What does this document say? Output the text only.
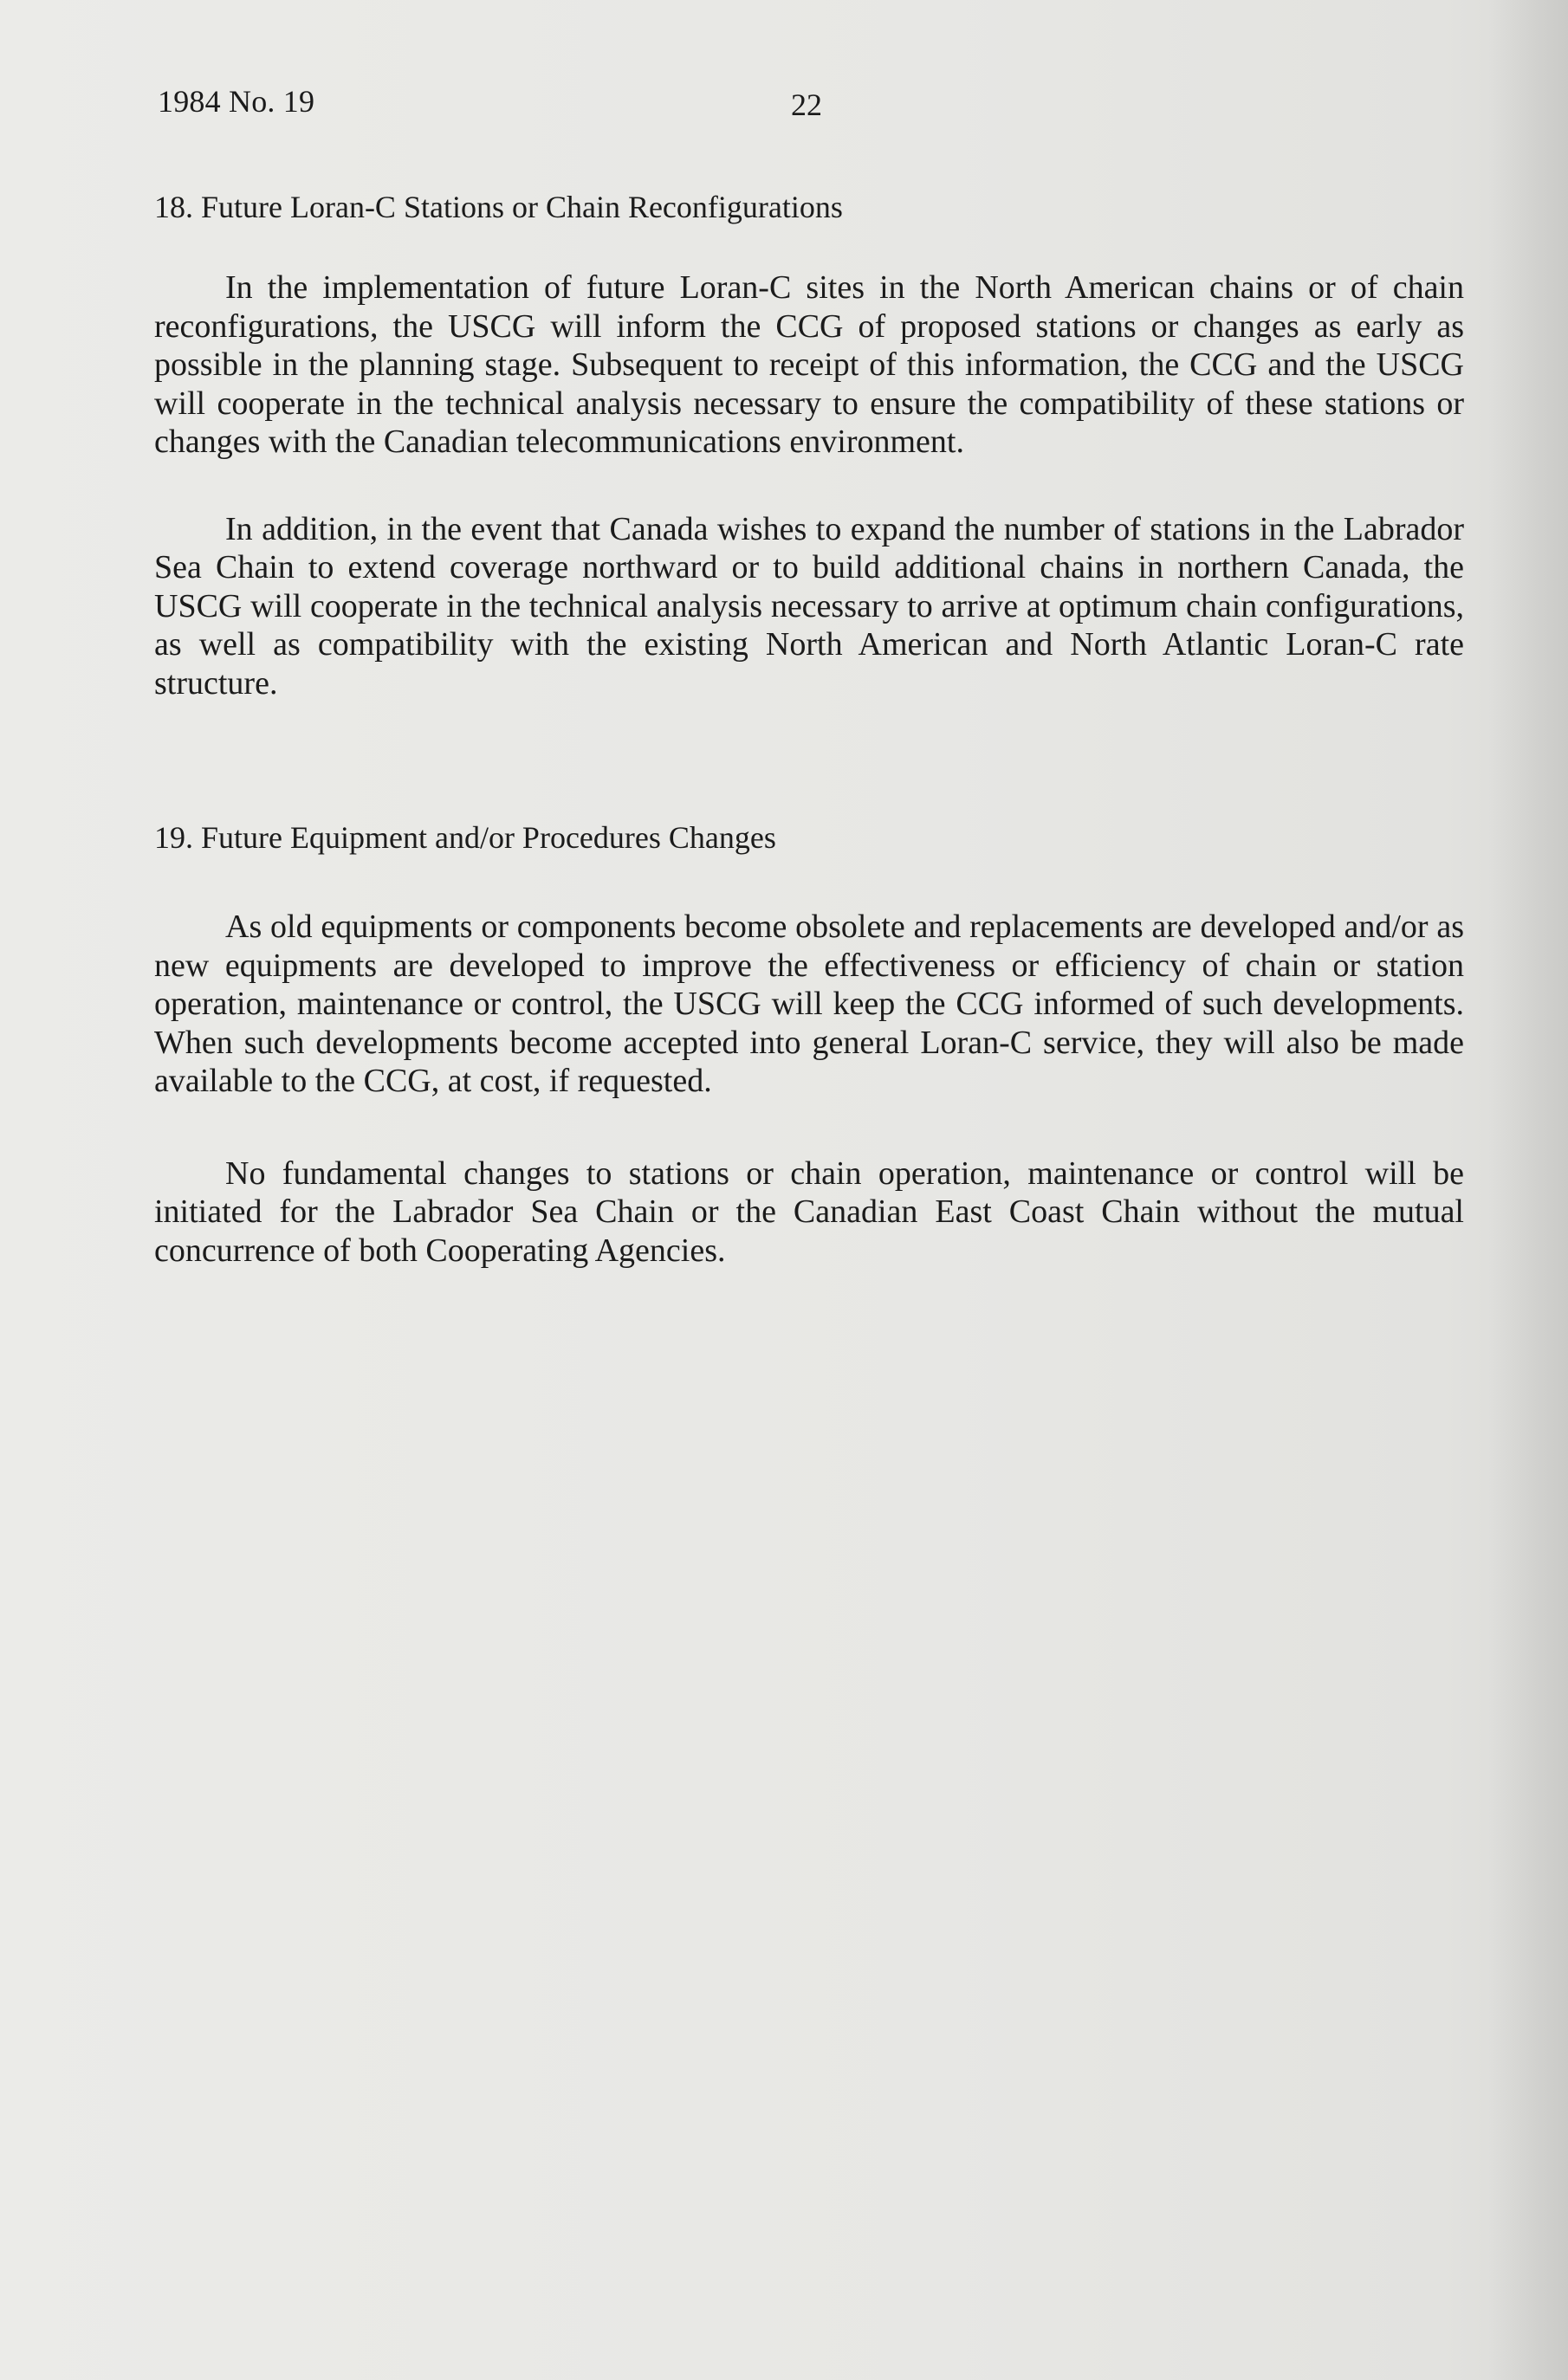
1984 No. 19	22
18. Future Loran-C Stations or Chain Reconfigurations

In the implementation of future Loran-C sites in the North American chains or of chain reconfigurations, the USCG will inform the CCG of proposed stations or changes as early as possible in the planning stage. Subsequent to receipt of this information, the CCG and the USCG will cooperate in the technical analysis necessary to ensure the compatibility of these stations or changes with the Canadian telecommunications environment.

In addition, in the event that Canada wishes to expand the number of stations in the Labrador Sea Chain to extend coverage northward or to build additional chains in northern Canada, the USCG will cooperate in the technical analysis necessary to arrive at optimum chain configurations, as well as compatibility with the existing North American and North Atlantic Loran-C rate structure.

19. Future Equipment and/or Procedures Changes

As old equipments or components become obsolete and replacements are developed and/or as new equipments are developed to improve the effectiveness or efficiency of chain or station operation, maintenance or control, the USCG will keep the CCG informed of such developments. When such developments become accepted into general Loran-C service, they will also be made available to the CCG, at cost, if requested.

No fundamental changes to stations or chain operation, maintenance or control will be initiated for the Labrador Sea Chain or the Canadian East Coast Chain without the mutual concurrence of both Cooperating Agencies.
